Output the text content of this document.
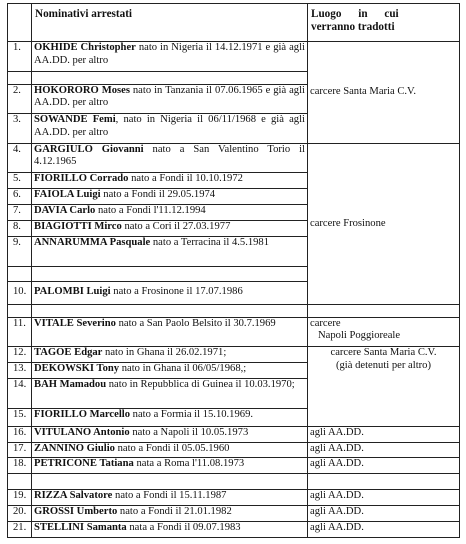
	Nominativi arrestati	Luogo      in      cui
verranno tradotti

1.	OKHIDE Christopher nato in Nigeria il 14.12.1971 e già agli AA.DD. per altro	carcere Santa Maria C.V.

2.	HOKORORO Moses nato in Tanzania il 07.06.1965 e già agli AA.DD. per altro	
3.	SOWANDE Femi, nato in Nigeria il 06/11/1968 e già agli AA.DD. per altro	
4.	GARGIULO Giovanni nato a San Valentino Torio il 4.12.1965	carcere Frosinone
5.	FIORILLO Corrado nato a Fondi il 10.10.1972	
6.	FAIOLA Luigi nato a Fondi il 29.05.1974	
7.	DAVIA Carlo nato a Fondi l'11.12.1994	
8.	BIAGIOTTI Mirco nato a Cori il 27.03.1977	
9.	ANNARUMMA Pasquale nato a Terracina il 4.5.1981	

10.	PALOMBI Luigi nato a Frosinone il 17.07.1986	

11.	VITALE Severino nato a San Paolo Belsito il 30.7.1969	carcere
Napoli Poggioreale

12.	TAGOE Edgar nato in Ghana il 26.02.1971;	carcere Santa Maria C.V.
(già detenuti per altro)

13.	DEKOWSKI Tony nato in Ghana il 06/05/1968,;	
14.	BAH Mamadou nato in Repubblica di Guinea il 10.03.1970;	
15.	FIORILLO Marcello nato a Formia il 15.10.1969.	
16.	VITULANO Antonio nato a Napoli il 10.05.1973	agli AA.DD.
17.	ZANNINO Giulio nato a Fondi il 05.05.1960	agli AA.DD.
18.	PETRICONE Tatiana nata a Roma l'11.08.1973	agli AA.DD.

19.	RIZZA Salvatore nato a Fondi il 15.11.1987	agli AA.DD.
20.	GROSSI Umberto nato a Fondi il 21.01.1982	agli AA.DD.
21.	STELLINI Samanta nata a Fondi il 09.07.1983	agli AA.DD.
